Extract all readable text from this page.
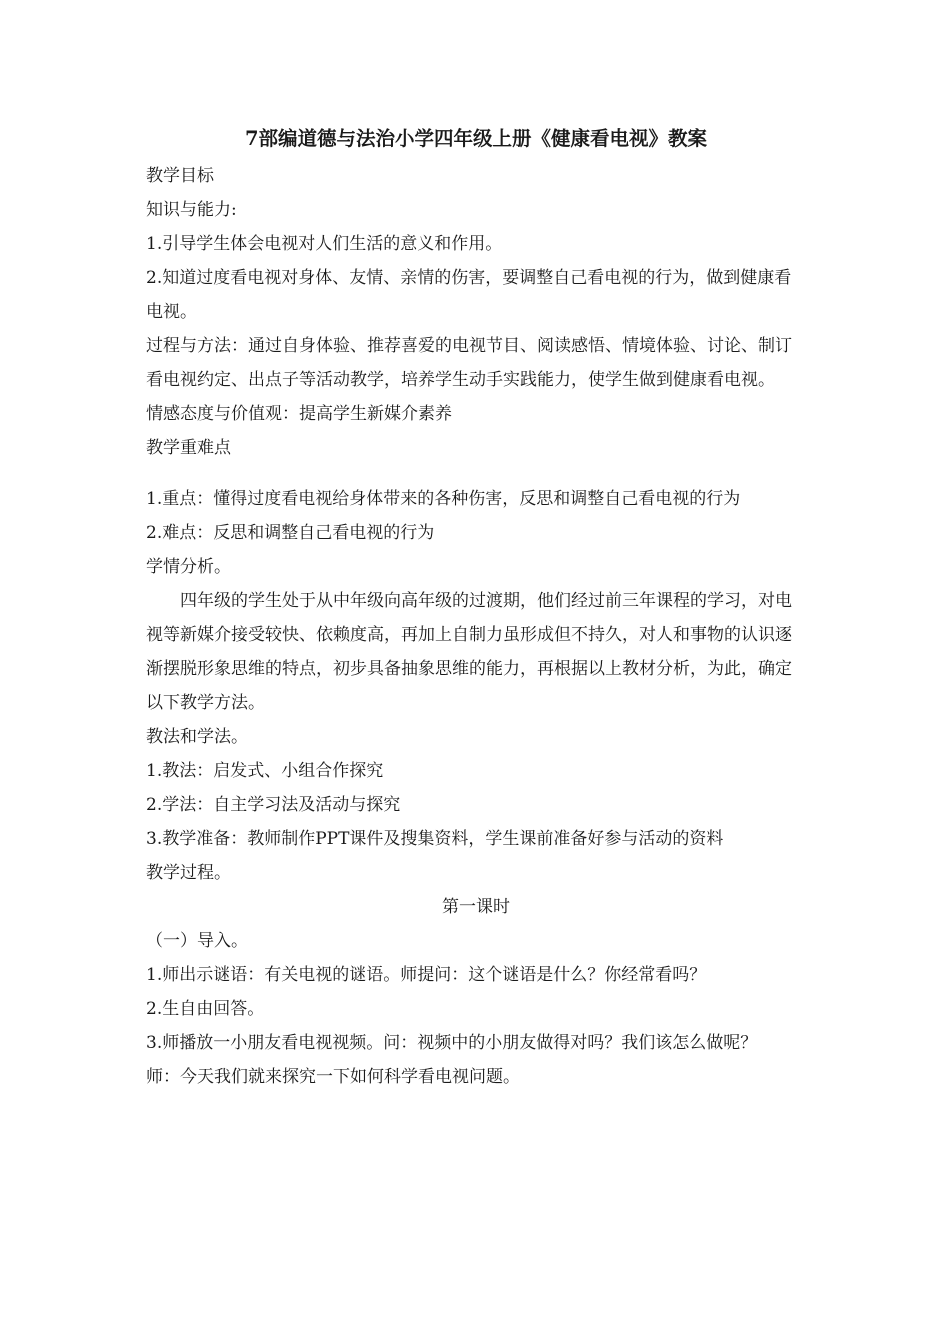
7部编道德与法治小学四年级上册《健康看电视》教案

教学目标

知识与能力:

1.引导学生体会电视对人们生活的意义和作用。

2.知道过度看电视对身体、友情、亲情的伤害，要调整自己看电视的行为，做到健康看电视。

过程与方法：通过自身体验、推荐喜爱的电视节目、阅读感悟、情境体验、讨论、制订看电视约定、出点子等活动教学，培养学生动手实践能力，使学生做到健康看电视。

情感态度与价值观：提高学生新媒介素养

教学重难点

1.重点：懂得过度看电视给身体带来的各种伤害，反思和调整自己看电视的行为

2.难点：反思和调整自己看电视的行为

学情分析。

四年级的学生处于从中年级向高年级的过渡期，他们经过前三年课程的学习，对电视等新媒介接受较快、依赖度高，再加上自制力虽形成但不持久，对人和事物的认识逐渐摆脱形象思维的特点，初步具备抽象思维的能力，再根据以上教材分析，为此，确定以下教学方法。

教法和学法。

1.教法：启发式、小组合作探究

2.学法：自主学习法及活动与探究

3.教学准备：教师制作PPT课件及搜集资料，学生课前准备好参与活动的资料

教学过程。

第一课时

（一）导入。

1.师出示谜语：有关电视的谜语。师提问：这个谜语是什么？你经常看吗？

2.生自由回答。

3.师播放一小朋友看电视视频。问：视频中的小朋友做得对吗？我们该怎么做呢？

师：今天我们就来探究一下如何科学看电视问题。
